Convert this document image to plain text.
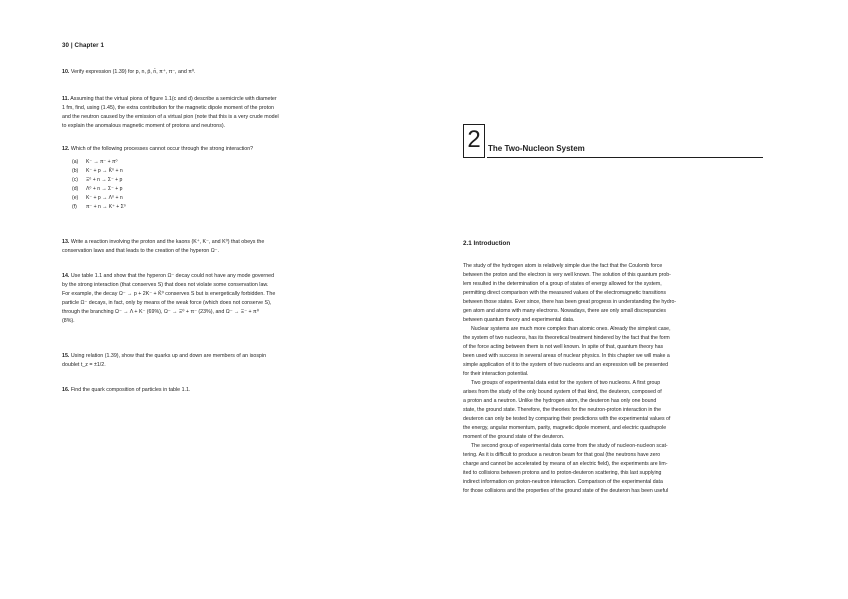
30 | Chapter 1

10. Verify expression (1.39) for p, n, p̄, n̄, π⁺, π⁻, and π⁰.

11. Assuming that the virtual pions of figure 1.1(c and d) describe a semicircle with diameter

1 fm, find, using (1.45), the extra contribution for the magnetic dipole moment of the proton

and the neutron caused by the emission of a virtual pion (note that this is a very crude model

to explain the anomalous magnetic moment of protons and neutrons).

12. Which of the following processes cannot occur through the strong interaction?

(a) K⁻ → π⁻ + π⁰

(b) K⁻ + p → K̄⁰ + n

(c) Ξ⁰ + n → Σ⁻ + p

(d) Λ⁰ + n → Σ⁻ + p

(e) K⁻ + p → Λ⁰ + n

(f) π⁻ + n → K⁺ + Σ⁰

13. Write a reaction involving the proton and the kaons (K⁺, K⁻, and K⁰) that obeys the

conservation laws and that leads to the creation of the hyperon Ω⁻.

14. Use table 1.1 and show that the hyperon Ω⁻ decay could not have any mode governed

by the strong interaction (that conserves S) that does not violate some conservation law.

For example, the decay Ω⁻ → p + 2K⁻ + K̄⁰ conserves S but is energetically forbidden. The

particle Ω⁻ decays, in fact, only by means of the weak force (which does not conserve S),

through the branching Ω⁻ → Λ + K⁻ (69%), Ω⁻ → Ξ⁰ + π⁻ (23%), and Ω⁻ → Ξ⁻ + π⁰

(8%).

15. Using relation (1.39), show that the quarks up and down are members of an isospin

doublet t_z = ±1/2.

16. Find the quark composition of particles in table 1.1.

2 The Two-Nucleon System
2.1 Introduction

The study of the hydrogen atom is relatively simple due the fact that the Coulomb force

between the proton and the electron is very well known. The solution of this quantum prob-

lem resulted in the determination of a group of states of energy allowed for the system,

permitting direct comparison with the measured values of the electromagnetic transitions

between those states. Ever since, there has been great progress in understanding the hydro-

gen atom and atoms with many electrons. Nowadays, there are only small discrepancies

between quantum theory and experimental data.

Nuclear systems are much more complex than atomic ones. Already the simplest case,

the system of two nucleons, has its theoretical treatment hindered by the fact that the form

of the force acting between them is not well known. In spite of that, quantum theory has

been used with success in several areas of nuclear physics. In this chapter we will make a

simple application of it to the system of two nucleons and an expression will be presented

for their interaction potential.

Two groups of experimental data exist for the system of two nucleons. A first group

arises from the study of the only bound system of that kind, the deuteron, composed of

a proton and a neutron. Unlike the hydrogen atom, the deuteron has only one bound

state, the ground state. Therefore, the theories for the neutron-proton interaction in the

deuteron can only be tested by comparing their predictions with the experimental values of

the energy, angular momentum, parity, magnetic dipole moment, and electric quadrupole

moment of the ground state of the deuteron.

The second group of experimental data come from the study of nucleon-nucleon scat-

tering. As it is difficult to produce a neutron beam for that goal (the neutrons have zero

charge and cannot be accelerated by means of an electric field), the experiments are lim-

ited to collisions between protons and to proton-deuteron scattering, this last supplying

indirect information on proton-neutron interaction. Comparison of the experimental data

for those collisions and the properties of the ground state of the deuteron has been useful
